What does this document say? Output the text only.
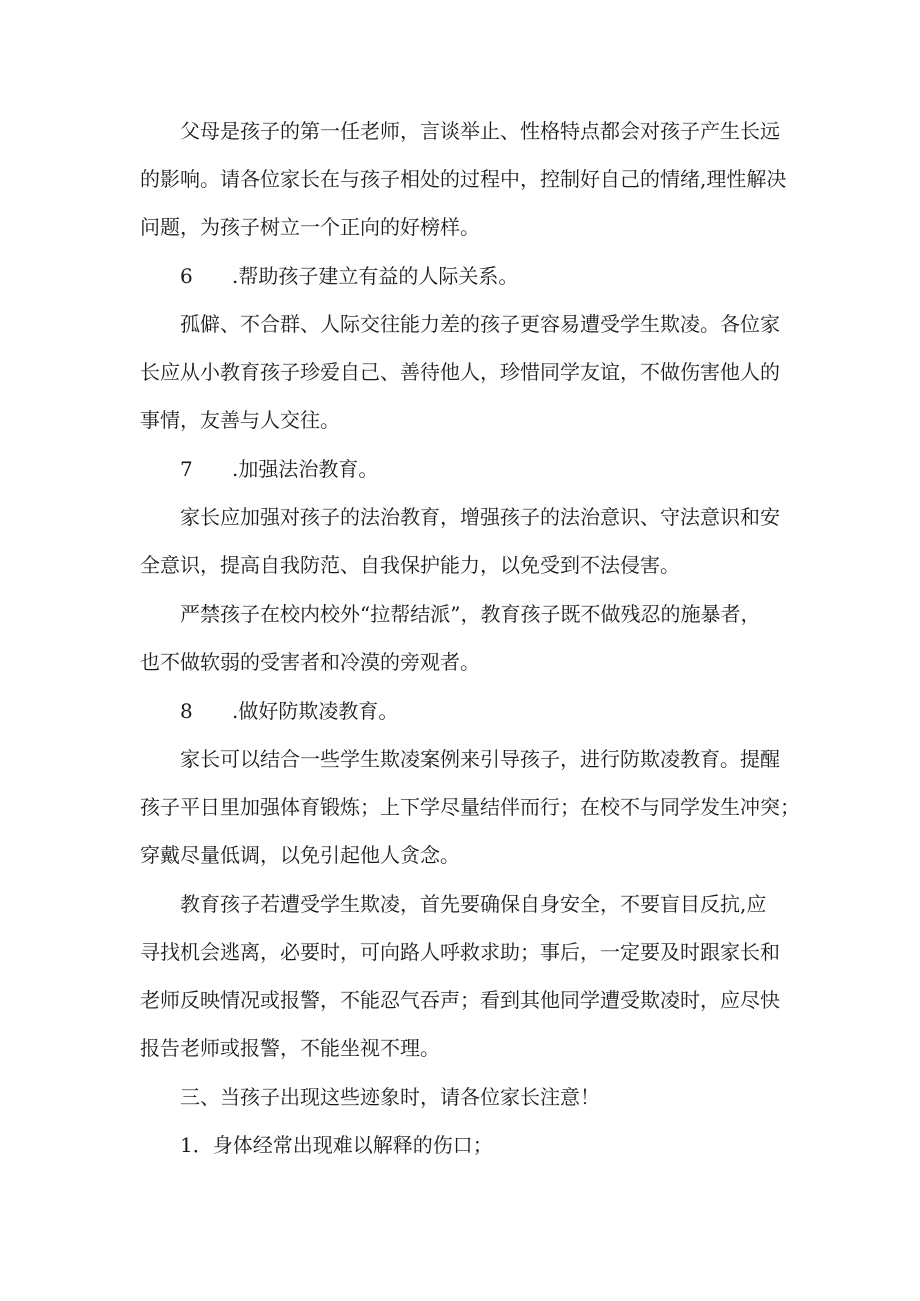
父母是孩子的第一任老师，言谈举止、性格特点都会对孩子产生长远
的影响。请各位家长在与孩子相处的过程中，控制好自己的情绪,理性解决
问题，为孩子树立一个正向的好榜样。
6 .帮助孩子建立有益的人际关系。
孤僻、不合群、人际交往能力差的孩子更容易遭受学生欺凌。各位家
长应从小教育孩子珍爱自己、善待他人，珍惜同学友谊，不做伤害他人的
事情，友善与人交往。
7 .加强法治教育。
家长应加强对孩子的法治教育，增强孩子的法治意识、守法意识和安
全意识，提高自我防范、自我保护能力，以免受到不法侵害。
严禁孩子在校内校外“拉帮结派”，教育孩子既不做残忍的施暴者，
也不做软弱的受害者和冷漠的旁观者。
8 .做好防欺凌教育。
家长可以结合一些学生欺凌案例来引导孩子，进行防欺凌教育。提醒
孩子平日里加强体育锻炼；上下学尽量结伴而行；在校不与同学发生冲突；
穿戴尽量低调，以免引起他人贪念。
教育孩子若遭受学生欺凌，首先要确保自身安全，不要盲目反抗,应
寻找机会逃离，必要时，可向路人呼救求助；事后，一定要及时跟家长和
老师反映情况或报警，不能忍气吞声；看到其他同学遭受欺凌时，应尽快
报告老师或报警，不能坐视不理。
三、当孩子出现这些迹象时，请各位家长注意！
1．身体经常出现难以解释的伤口；
